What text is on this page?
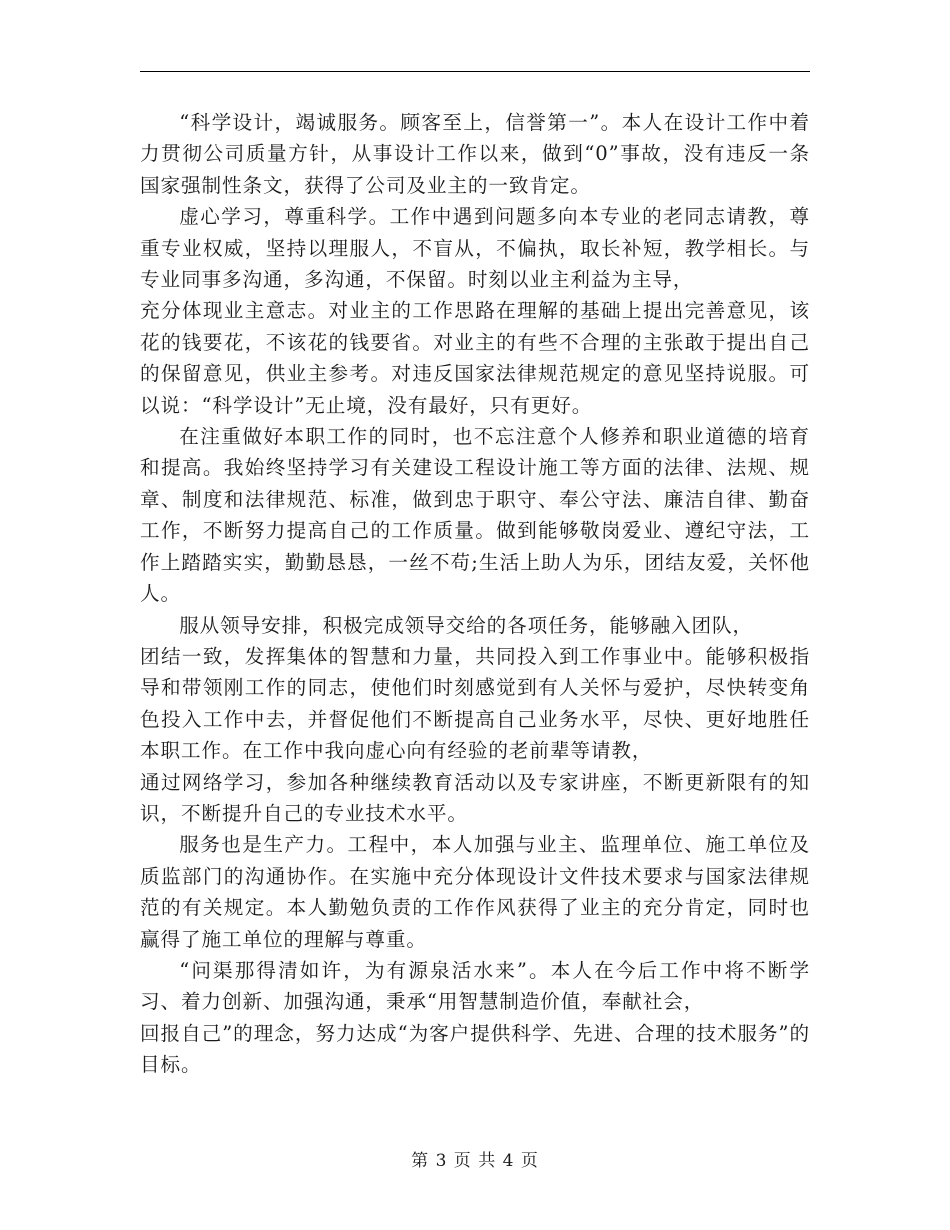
“科学设计，竭诚服务。顾客至上，信誉第一”。本人在设计工作中着力贯彻公司质量方针，从事设计工作以来，做到“0”事故，没有违反一条国家强制性条文，获得了公司及业主的一致肯定。

虚心学习，尊重科学。工作中遇到问题多向本专业的老同志请教，尊重专业权威，坚持以理服人，不盲从，不偏执，取长补短，教学相长。与专业同事多沟通，多沟通，不保留。时刻以业主利益为主导，
充分体现业主意志。对业主的工作思路在理解的基础上提出完善意见，该花的钱要花，不该花的钱要省。对业主的有些不合理的主张敢于提出自己的保留意见，供业主参考。对违反国家法律规范规定的意见坚持说服。可以说：“科学设计”无止境，没有最好，只有更好。

在注重做好本职工作的同时，也不忘注意个人修养和职业道德的培育和提高。我始终坚持学习有关建设工程设计施工等方面的法律、法规、规章、制度和法律规范、标准，做到忠于职守、奉公守法、廉洁自律、勤奋工作，不断努力提高自己的工作质量。做到能够敬岗爱业、遵纪守法，工作上踏踏实实，勤勤恳恳，一丝不苟;生活上助人为乐，团结友爱，关怀他人。

服从领导安排，积极完成领导交给的各项任务，能够融入团队，
团结一致，发挥集体的智慧和力量，共同投入到工作事业中。能够积极指导和带领刚工作的同志，使他们时刻感觉到有人关怀与爱护，尽快转变角色投入工作中去，并督促他们不断提高自己业务水平，尽快、更好地胜任本职工作。在工作中我向虚心向有经验的老前辈等请教，
通过网络学习，参加各种继续教育活动以及专家讲座，不断更新限有的知识，不断提升自己的专业技术水平。

服务也是生产力。工程中，本人加强与业主、监理单位、施工单位及质监部门的沟通协作。在实施中充分体现设计文件技术要求与国家法律规范的有关规定。本人勤勉负责的工作作风获得了业主的充分肯定，同时也赢得了施工单位的理解与尊重。

“问渠那得清如许，为有源泉活水来”。本人在今后工作中将不断学习、着力创新、加强沟通，秉承“用智慧制造价值，奉献社会，
回报自己”的理念，努力达成“为客户提供科学、先进、合理的技术服务”的目标。

第 3 页 共 4 页
